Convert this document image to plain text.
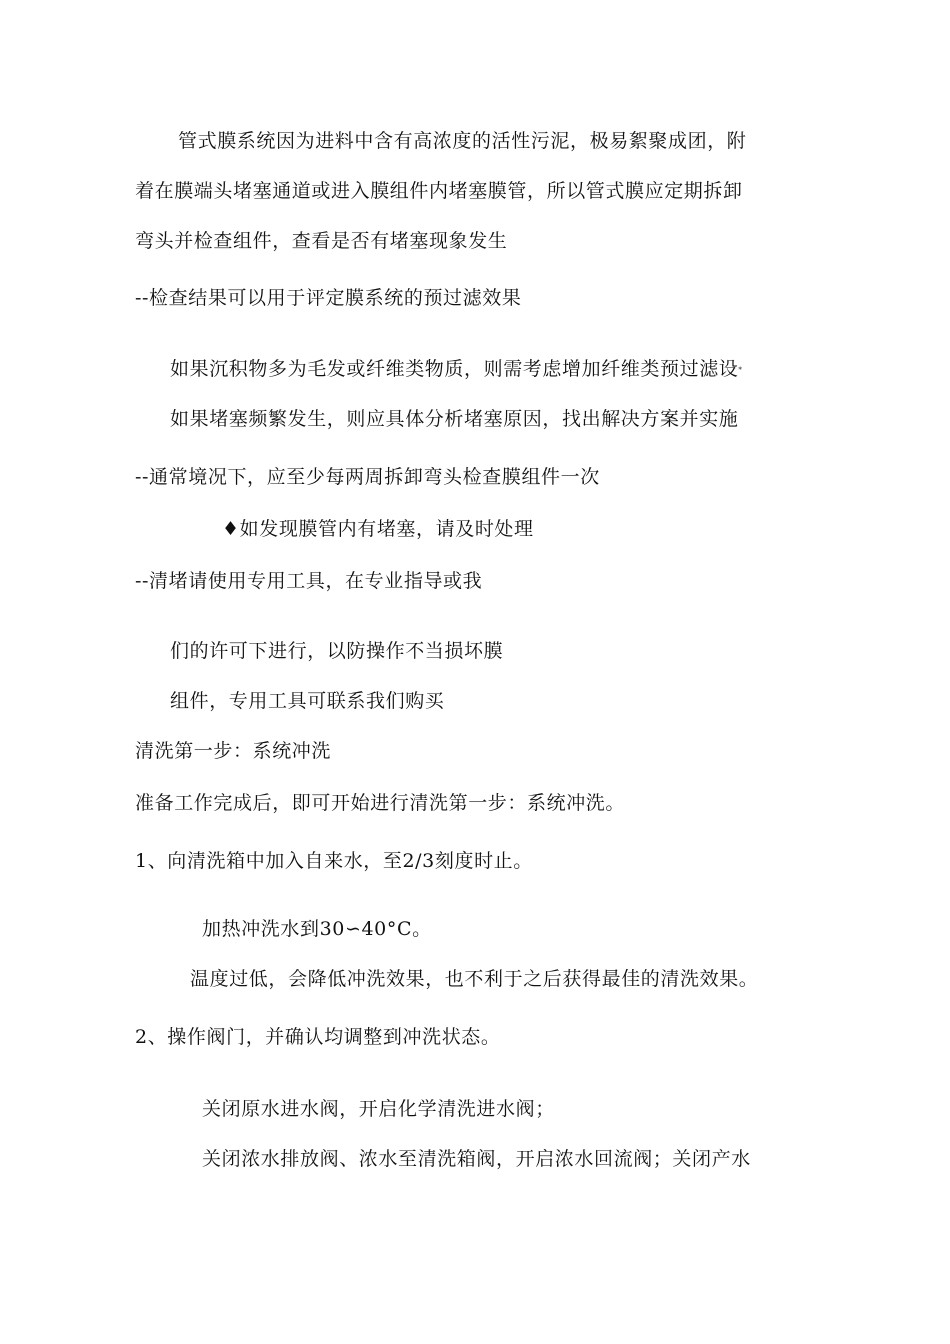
管式膜系统因为进料中含有高浓度的活性污泥，极易絮聚成团，附
着在膜端头堵塞通道或进入膜组件内堵塞膜管，所以管式膜应定期拆卸
弯头并检查组件，查看是否有堵塞现象发生
--检查结果可以用于评定膜系统的预过滤效果
如果沉积物多为毛发或纤维类物质，则需考虑增加纤维类预过滤设*
如果堵塞频繁发生，则应具体分析堵塞原因，找出解决方案并实施
--通常境况下，应至少每两周拆卸弯头检查膜组件一次
♦如发现膜管内有堵塞，请及时处理
--清堵请使用专用工具，在专业指导或我
们的许可下进行，以防操作不当损坏膜
组件，专用工具可联系我们购买
清洗第一步：系统冲洗
准备工作完成后，即可开始进行清洗第一步：系统冲洗。
1、向清洗箱中加入自来水，至2/3刻度时止。
加热冲洗水到30∽40°C。
温度过低，会降低冲洗效果，也不利于之后获得最佳的清洗效果。
2、操作阀门，并确认均调整到冲洗状态。
关闭原水进水阀，开启化学清洗进水阀；
关闭浓水排放阀、浓水至清洗箱阀，开启浓水回流阀；关闭产水
